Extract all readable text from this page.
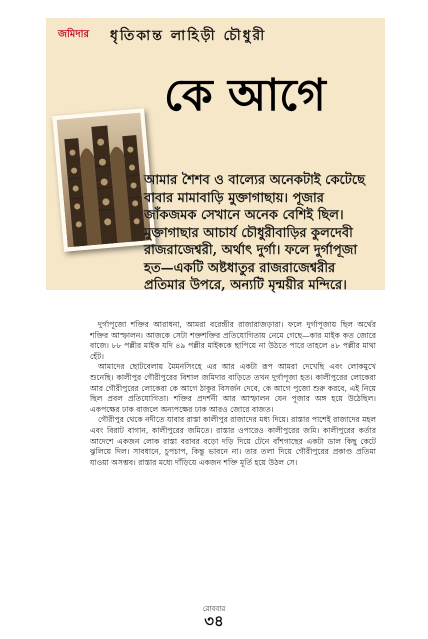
জমিদার ধৃতিকান্ত লাহিড়ী চৌধুরী
কে আগে

আমার শৈশব ও বাল্যের অনেকটাই কেটেছে বাবার মামাবাড়ি মুক্তাগাছায়। পূজার জাঁকজমক সেখানে অনেক বেশিই ছিল। মুক্তাগাছার আচার্য চৌধুরীবাড়ির কুলদেবী রাজরাজেশ্বরী, অর্থাৎ দুর্গা। ফলে দুর্গাপূজা হত—একটি অষ্টধাতুর রাজরাজেশ্বরীর প্রতিমার উপরে, অন্যটি মৃন্ময়ীর মন্দিরে।

দুর্গাপূজো শক্তির আরাধনা, আমরা বরেন্দ্রীর রাজারাজড়ারা। ফলে দুর্গাপূজায় ছিল অর্থের শক্তির আস্ফালন। আজকে সেটা শক্তশক্তির প্রতিযোগিতায় নেমে গেছে—কার মাইক কত জোরে বাজে। ৮৮ পল্লীর মাইক যদি ৪৯ পল্লীর মাইককে ছাপিয়ে না উঠতে পারে তাহলে ৪৮ পল্লীর মাথা হেঁট।

আমাদের ছোটবেলায় মৈমনসিংহে এর আর একটা রূপ আমরা দেখেছি এবং লোকমুখে শুনেছি। কালীপুর গৌরীপুরের বিশাল জমিদার বাড়িতে তখন দুর্গাপূজা হত। কালীপুরের লোকেরা আর গৌরীপুরের লোকেরা কে আগে ঠাকুর বিসর্জন দেবে, কে আগে পুজো শুরু করবে, এই নিয়ে ছিল প্রবল প্রতিযোগিতা। শক্তির প্রদর্শনী আর আস্ফালন যেন পূজার অঙ্গ হয়ে উঠেছিল। একপক্ষের ঢাক বাজলে অন্যপক্ষের ঢাক আরও জোরে বাজত।

গৌরীপুর থেকে নদীতে যাবার রাস্তা কালীপুর রাজাদের মধ্য দিয়ে। রাস্তার পাশেই রাজাদের মহল এবং বিরাট বাগান, কালীপুরের জমিতে। রাস্তার ওপারেও কালীপুরের জমি। কালীপুরের কর্তার আদেশে একজন লোক রাস্তা বরাবর বড়ো দড়ি দিয়ে টেনে বাঁশগাছের একটা ডাল কিছু কেটে ঝুলিয়ে দিল। সাবধানে, চুপচাপ, কিন্তু ভাবনে না। তার তলা দিয়ে গৌরীপুরের প্রকাণ্ড প্রতিমা যাওয়া অসম্ভব। রাস্তার মধ্যে দাঁড়িয়ে একজন শক্তি মূর্তি হয়ে উঠল সে।

রোববার
৩৪
